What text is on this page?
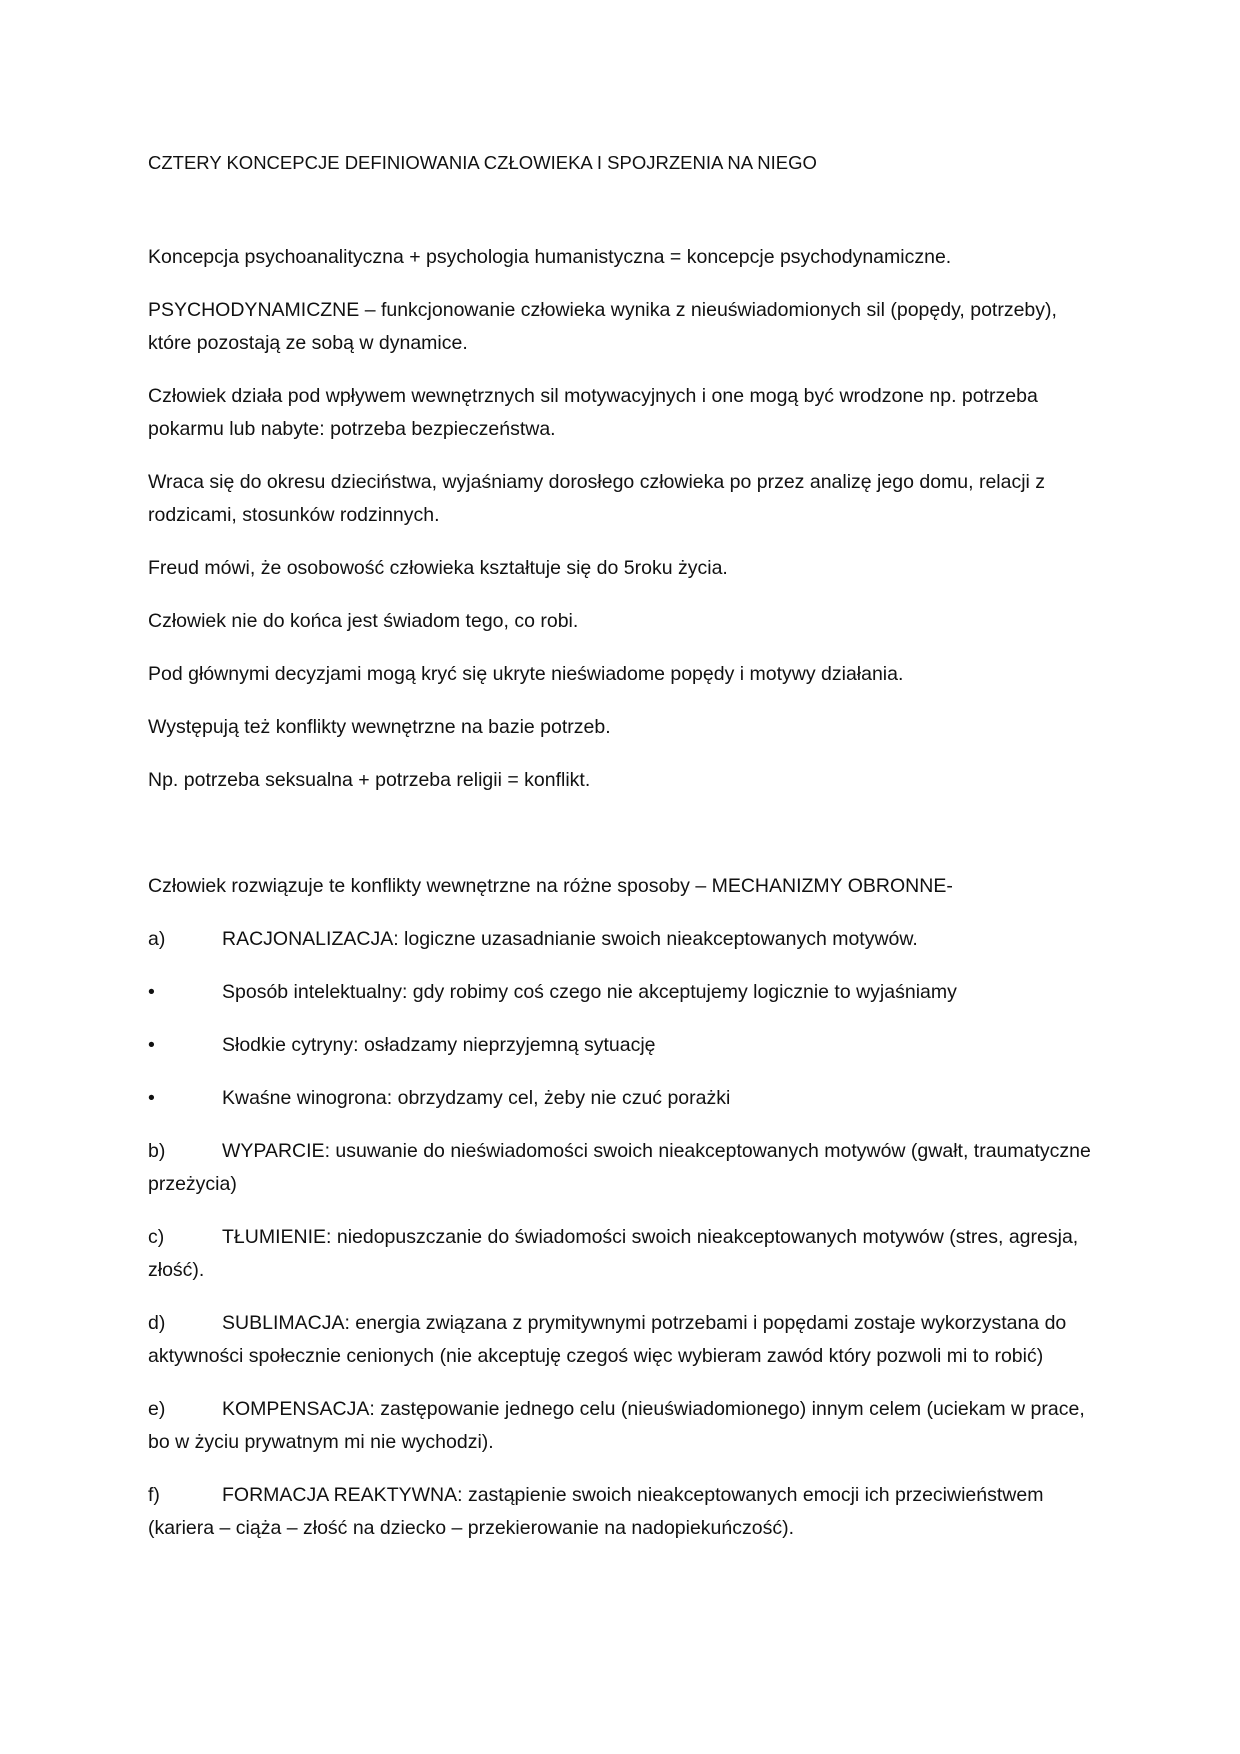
CZTERY KONCEPCJE DEFINIOWANIA CZŁOWIEKA I SPOJRZENIA NA NIEGO
Koncepcja psychoanalityczna + psychologia humanistyczna = koncepcje psychodynamiczne.
PSYCHODYNAMICZNE – funkcjonowanie człowieka wynika z nieuświadomionych sil (popędy, potrzeby), które pozostają ze sobą w dynamice.
Człowiek działa pod wpływem wewnętrznych sil motywacyjnych i one mogą być wrodzone np. potrzeba pokarmu lub nabyte: potrzeba bezpieczeństwa.
Wraca się do okresu dzieciństwa, wyjaśniamy dorosłego człowieka po przez analizę jego domu, relacji z rodzicami, stosunków rodzinnych.
Freud mówi, że osobowość człowieka kształtuje się do 5roku życia.
Człowiek nie do końca jest świadom tego, co robi.
Pod głównymi decyzjami mogą kryć się ukryte nieświadome popędy i motywy działania.
Występują też konflikty wewnętrzne na bazie potrzeb.
Np. potrzeba seksualna + potrzeba religii = konflikt.
Człowiek rozwiązuje te konflikty wewnętrzne na różne sposoby – MECHANIZMY OBRONNE-
a)	RACJONALIZACJA: logiczne uzasadnianie swoich nieakceptowanych motywów.
•	Sposób intelektualny: gdy robimy coś czego nie akceptujemy logicznie to wyjaśniamy
•	Słodkie cytryny: osładzamy nieprzyjemną sytuację
•	Kwaśne winogrona: obrzydzamy cel, żeby nie czuć porażki
b)	WYPARCIE: usuwanie do nieświadomości swoich nieakceptowanych motywów (gwałt, traumatyczne przeżycia)
c)	TŁUMIENIE: niedopuszczanie do świadomości swoich nieakceptowanych motywów (stres, agresja, złość).
d)	SUBLIMACJA: energia związana z prymitywnymi potrzebami i popędami zostaje wykorzystana do aktywności społecznie cenionych (nie akceptuję czegoś więc wybieram zawód który pozwoli mi to robić)
e)	KOMPENSACJA: zastępowanie jednego celu (nieuświadomionego) innym celem (uciekam w prace, bo w życiu prywatnym mi nie wychodzi).
f)	FORMACJA REAKTYWNA: zastąpienie swoich nieakceptowanych emocji ich przeciwieństwem (kariera – ciąża – złość na dziecko – przekierowanie na nadopiekuńczość).
